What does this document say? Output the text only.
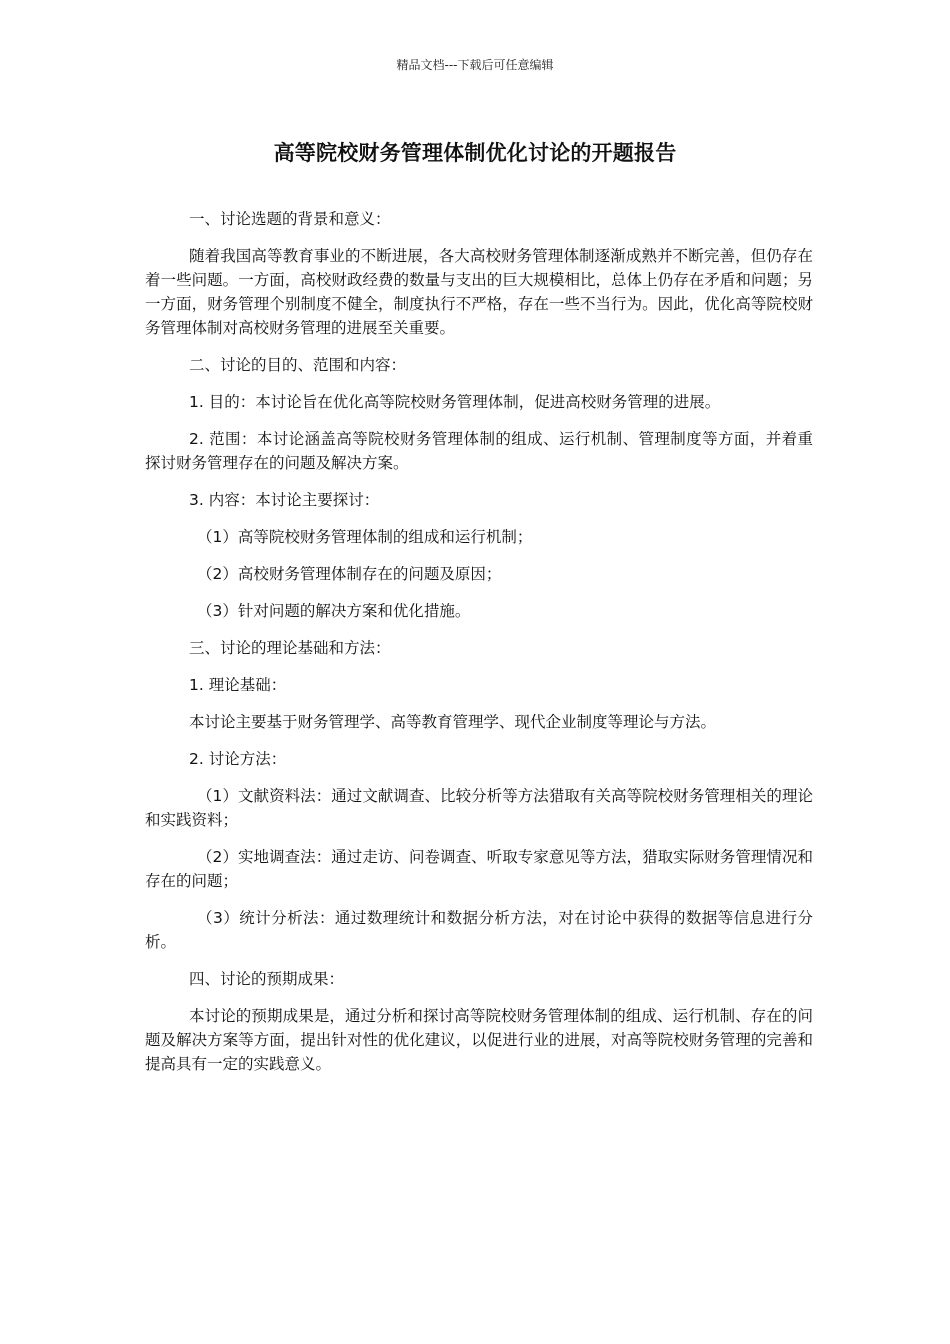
精品文档---下载后可任意编辑
高等院校财务管理体制优化讨论的开题报告

一、讨论选题的背景和意义：

随着我国高等教育事业的不断进展，各大高校财务管理体制逐渐成熟并不断完善，但仍存在着一些问题。一方面，高校财政经费的数量与支出的巨大规模相比，总体上仍存在矛盾和问题；另一方面，财务管理个别制度不健全，制度执行不严格，存在一些不当行为。因此，优化高等院校财务管理体制对高校财务管理的进展至关重要。

二、讨论的目的、范围和内容：

1. 目的：本讨论旨在优化高等院校财务管理体制，促进高校财务管理的进展。

2. 范围：本讨论涵盖高等院校财务管理体制的组成、运行机制、管理制度等方面，并着重探讨财务管理存在的问题及解决方案。

3. 内容：本讨论主要探讨：

（1）高等院校财务管理体制的组成和运行机制；

（2）高校财务管理体制存在的问题及原因；

（3）针对问题的解决方案和优化措施。

三、讨论的理论基础和方法：

1. 理论基础：

本讨论主要基于财务管理学、高等教育管理学、现代企业制度等理论与方法。

2. 讨论方法：

（1）文献资料法：通过文献调查、比较分析等方法猎取有关高等院校财务管理相关的理论和实践资料；

（2）实地调查法：通过走访、问卷调查、听取专家意见等方法，猎取实际财务管理情况和存在的问题；

（3）统计分析法：通过数理统计和数据分析方法，对在讨论中获得的数据等信息进行分析。

四、讨论的预期成果：

本讨论的预期成果是，通过分析和探讨高等院校财务管理体制的组成、运行机制、存在的问题及解决方案等方面，提出针对性的优化建议，以促进行业的进展，对高等院校财务管理的完善和提高具有一定的实践意义。
